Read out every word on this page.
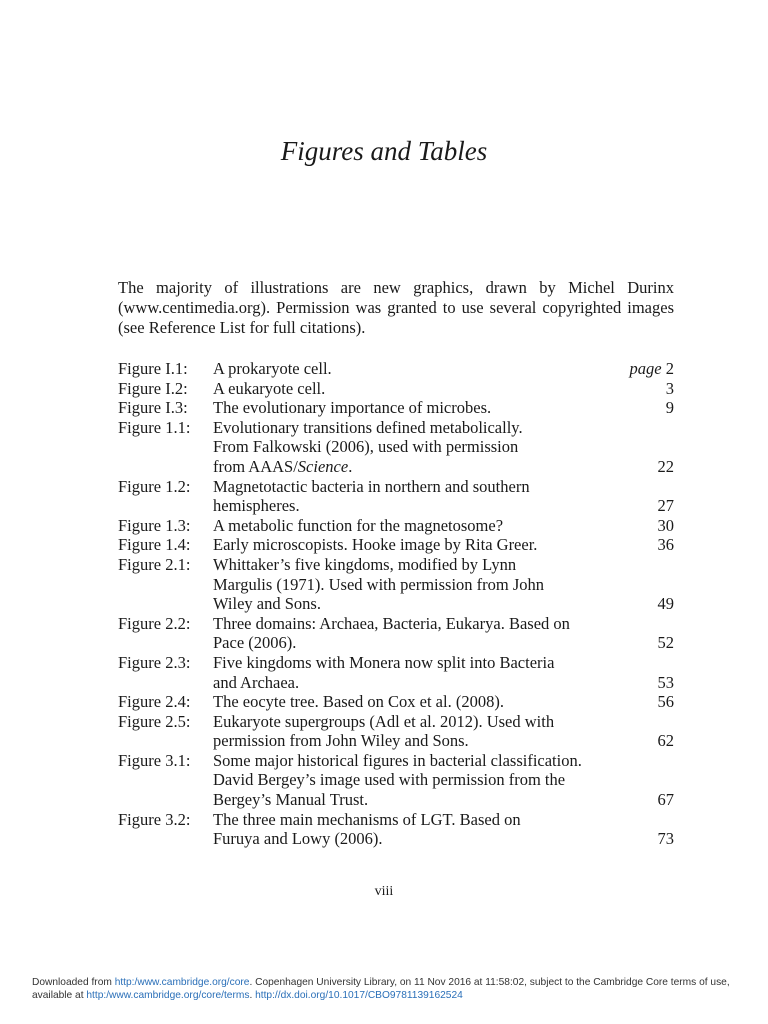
Figures and Tables

The majority of illustrations are new graphics, drawn by Michel Durinx (www.centimedia.org). Permission was granted to use several copyrighted images (see Reference List for full citations).

Figure I.1:	A prokaryote cell.	page 2
Figure I.2:	A eukaryote cell.	3
Figure I.3:	The evolutionary importance of microbes.	9
Figure 1.1:	Evolutionary transitions defined metabolically.
From Falkowski (2006), used with permission
from AAAS/Science.	22
Figure 1.2:	Magnetotactic bacteria in northern and southern
hemispheres.	27
Figure 1.3:	A metabolic function for the magnetosome?	30
Figure 1.4:	Early microscopists. Hooke image by Rita Greer.	36
Figure 2.1:	Whittaker’s five kingdoms, modified by Lynn
Margulis (1971). Used with permission from John
Wiley and Sons.	49
Figure 2.2:	Three domains: Archaea, Bacteria, Eukarya. Based on
Pace (2006).	52
Figure 2.3:	Five kingdoms with Monera now split into Bacteria
and Archaea.	53
Figure 2.4:	The eocyte tree. Based on Cox et al. (2008).	56
Figure 2.5:	Eukaryote supergroups (Adl et al. 2012). Used with
permission from John Wiley and Sons.	62
Figure 3.1:	Some major historical figures in bacterial classification.
David Bergey’s image used with permission from the
Bergey’s Manual Trust.	67
Figure 3.2:	The three main mechanisms of LGT. Based on
Furuya and Lowy (2006).	73
viii
Downloaded from http:/www.cambridge.org/core. Copenhagen University Library, on 11 Nov 2016 at 11:58:02, subject to the Cambridge Core terms of use, available at http:/www.cambridge.org/core/terms. http://dx.doi.org/10.1017/CBO9781139162524
